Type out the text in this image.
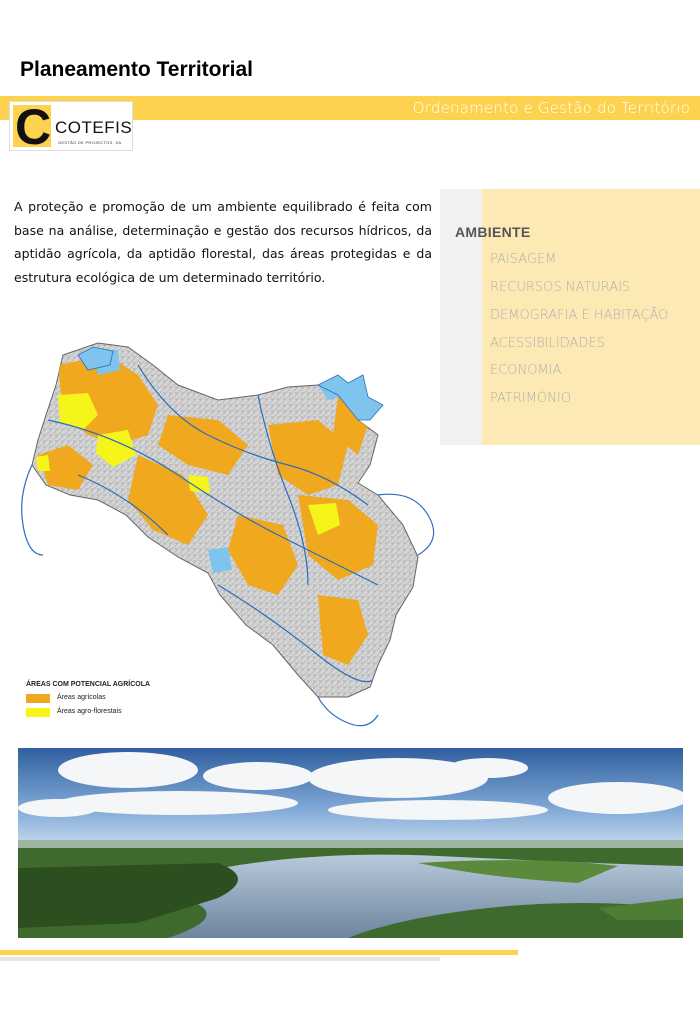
Planeamento Territorial
Ordenamento e Gestão do Território
C COTEFIS
GESTÃO DE PROJECTOS, SA
A proteção e promoção de um ambiente equilibrado é feita com base na análise, determinação e gestão dos recursos hídricos, da aptidão agrícola, da aptidão florestal, das áreas protegidas e da estrutura ecológica de um determinado território.
AMBIENTE
PAISAGEM
RECURSOS NATURAIS
DEMOGRAFIA E HABITAÇÃO
ACESSIBILIDADES
ECONOMIA
PATRIMÓNIO
ÁREAS COM POTENCIAL AGRÍCOLA
Áreas agrícolas
Áreas agro-florestais
